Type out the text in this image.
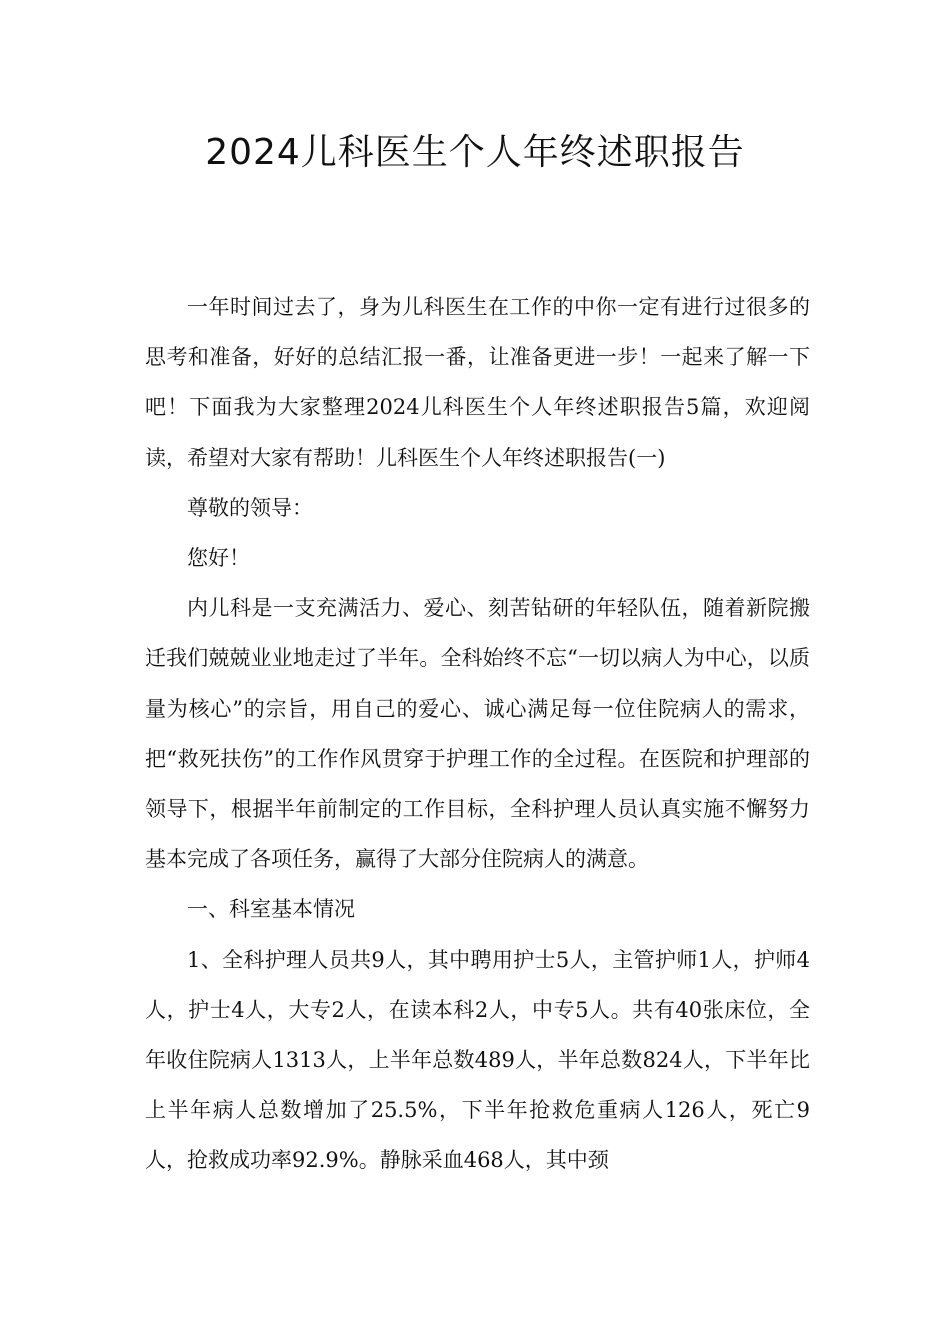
2024儿科医生个人年终述职报告

一年时间过去了，身为儿科医生在工作的中你一定有进行过很多的思考和准备，好好的总结汇报一番，让准备更进一步！一起来了解一下吧！下面我为大家整理2024儿科医生个人年终述职报告5篇，欢迎阅读，希望对大家有帮助！儿科医生个人年终述职报告(一)

尊敬的领导：

您好！

内儿科是一支充满活力、爱心、刻苦钻研的年轻队伍，随着新院搬迁我们兢兢业业地走过了半年。全科始终不忘“一切以病人为中心，以质量为核心”的宗旨，用自己的爱心、诚心满足每一位住院病人的需求，把“救死扶伤”的工作作风贯穿于护理工作的全过程。在医院和护理部的领导下，根据半年前制定的工作目标，全科护理人员认真实施不懈努力基本完成了各项任务，赢得了大部分住院病人的满意。

一、科室基本情况

1、全科护理人员共9人，其中聘用护士5人，主管护师1人，护师4人，护士4人，大专2人，在读本科2人，中专5人。共有40张床位，全年收住院病人1313人，上半年总数489人，半年总数824人，下半年比上半年病人总数增加了25.5%，下半年抢救危重病人126人，死亡9人，抢救成功率92.9%。静脉采血468人，其中颈
